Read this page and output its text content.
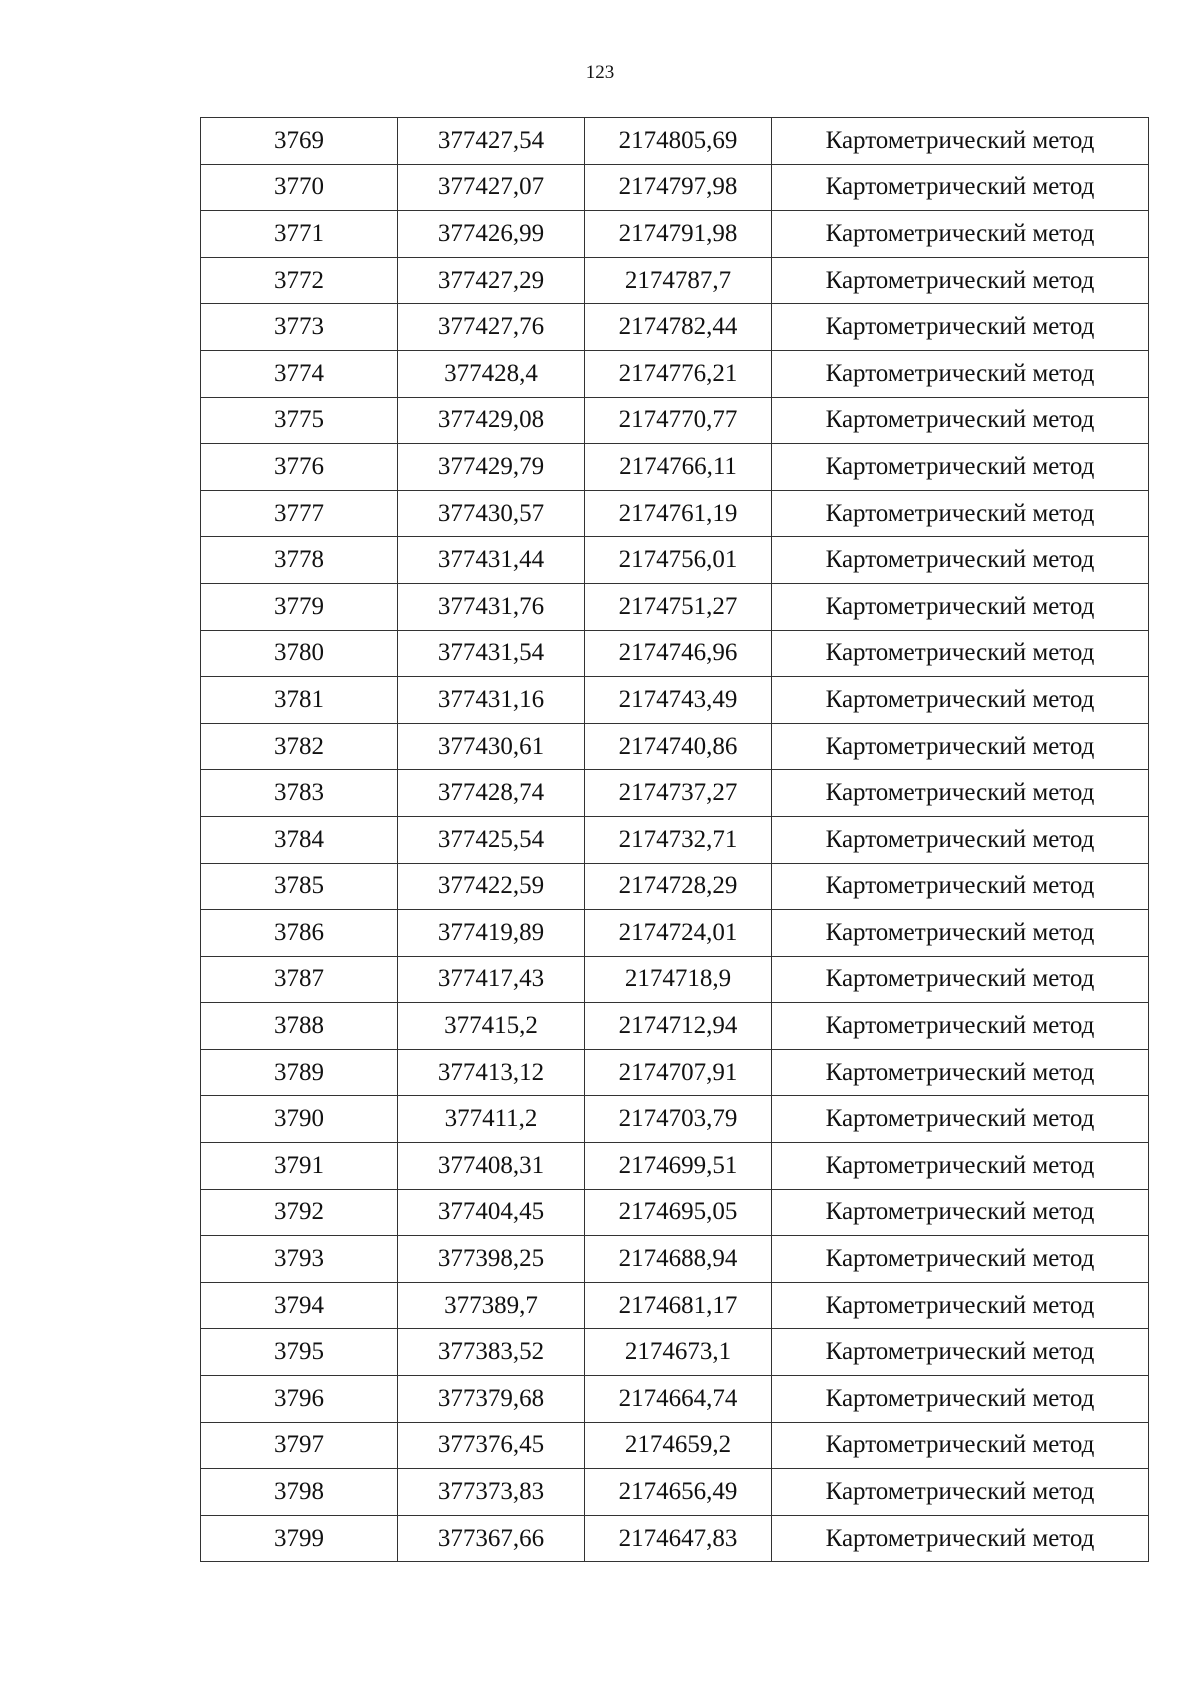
123
3769	377427,54	2174805,69	Картометрический метод
3770	377427,07	2174797,98	Картометрический метод
3771	377426,99	2174791,98	Картометрический метод
3772	377427,29	2174787,7	Картометрический метод
3773	377427,76	2174782,44	Картометрический метод
3774	377428,4	2174776,21	Картометрический метод
3775	377429,08	2174770,77	Картометрический метод
3776	377429,79	2174766,11	Картометрический метод
3777	377430,57	2174761,19	Картометрический метод
3778	377431,44	2174756,01	Картометрический метод
3779	377431,76	2174751,27	Картометрический метод
3780	377431,54	2174746,96	Картометрический метод
3781	377431,16	2174743,49	Картометрический метод
3782	377430,61	2174740,86	Картометрический метод
3783	377428,74	2174737,27	Картометрический метод
3784	377425,54	2174732,71	Картометрический метод
3785	377422,59	2174728,29	Картометрический метод
3786	377419,89	2174724,01	Картометрический метод
3787	377417,43	2174718,9	Картометрический метод
3788	377415,2	2174712,94	Картометрический метод
3789	377413,12	2174707,91	Картометрический метод
3790	377411,2	2174703,79	Картометрический метод
3791	377408,31	2174699,51	Картометрический метод
3792	377404,45	2174695,05	Картометрический метод
3793	377398,25	2174688,94	Картометрический метод
3794	377389,7	2174681,17	Картометрический метод
3795	377383,52	2174673,1	Картометрический метод
3796	377379,68	2174664,74	Картометрический метод
3797	377376,45	2174659,2	Картометрический метод
3798	377373,83	2174656,49	Картометрический метод
3799	377367,66	2174647,83	Картометрический метод
